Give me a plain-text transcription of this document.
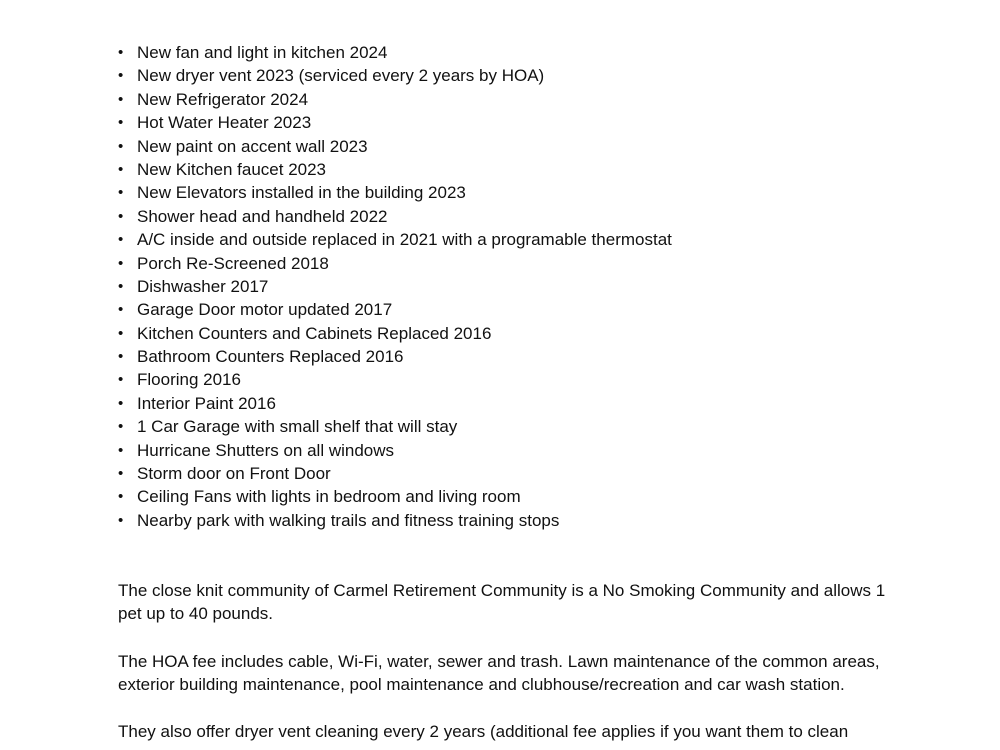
• New fan and light in kitchen 2024
• New dryer vent 2023 (serviced every 2 years by HOA)
• New Refrigerator 2024
• Hot Water Heater 2023
• New paint on accent wall 2023
• New Kitchen faucet 2023
• New Elevators installed in the building 2023
• Shower head and handheld 2022
• A/C inside and outside replaced in 2021 with a programable thermostat
• Porch Re-Screened 2018
• Dishwasher 2017
• Garage Door motor updated 2017
• Kitchen Counters and Cabinets Replaced 2016
• Bathroom Counters Replaced 2016
• Flooring 2016
• Interior Paint 2016
• 1 Car Garage with small shelf that will stay
• Hurricane Shutters on all windows
• Storm door on Front Door
• Ceiling Fans with lights in bedroom and living room
• Nearby park with walking trails and fitness training stops

The close knit community of Carmel Retirement Community is a No Smoking Community and allows 1 pet up to 40 pounds.

The HOA fee includes cable, Wi-Fi, water, sewer and trash. Lawn maintenance of the common areas, exterior building maintenance, pool maintenance and clubhouse/recreation and car wash station.

They also offer dryer vent cleaning every 2 years (additional fee applies if you want them to clean
